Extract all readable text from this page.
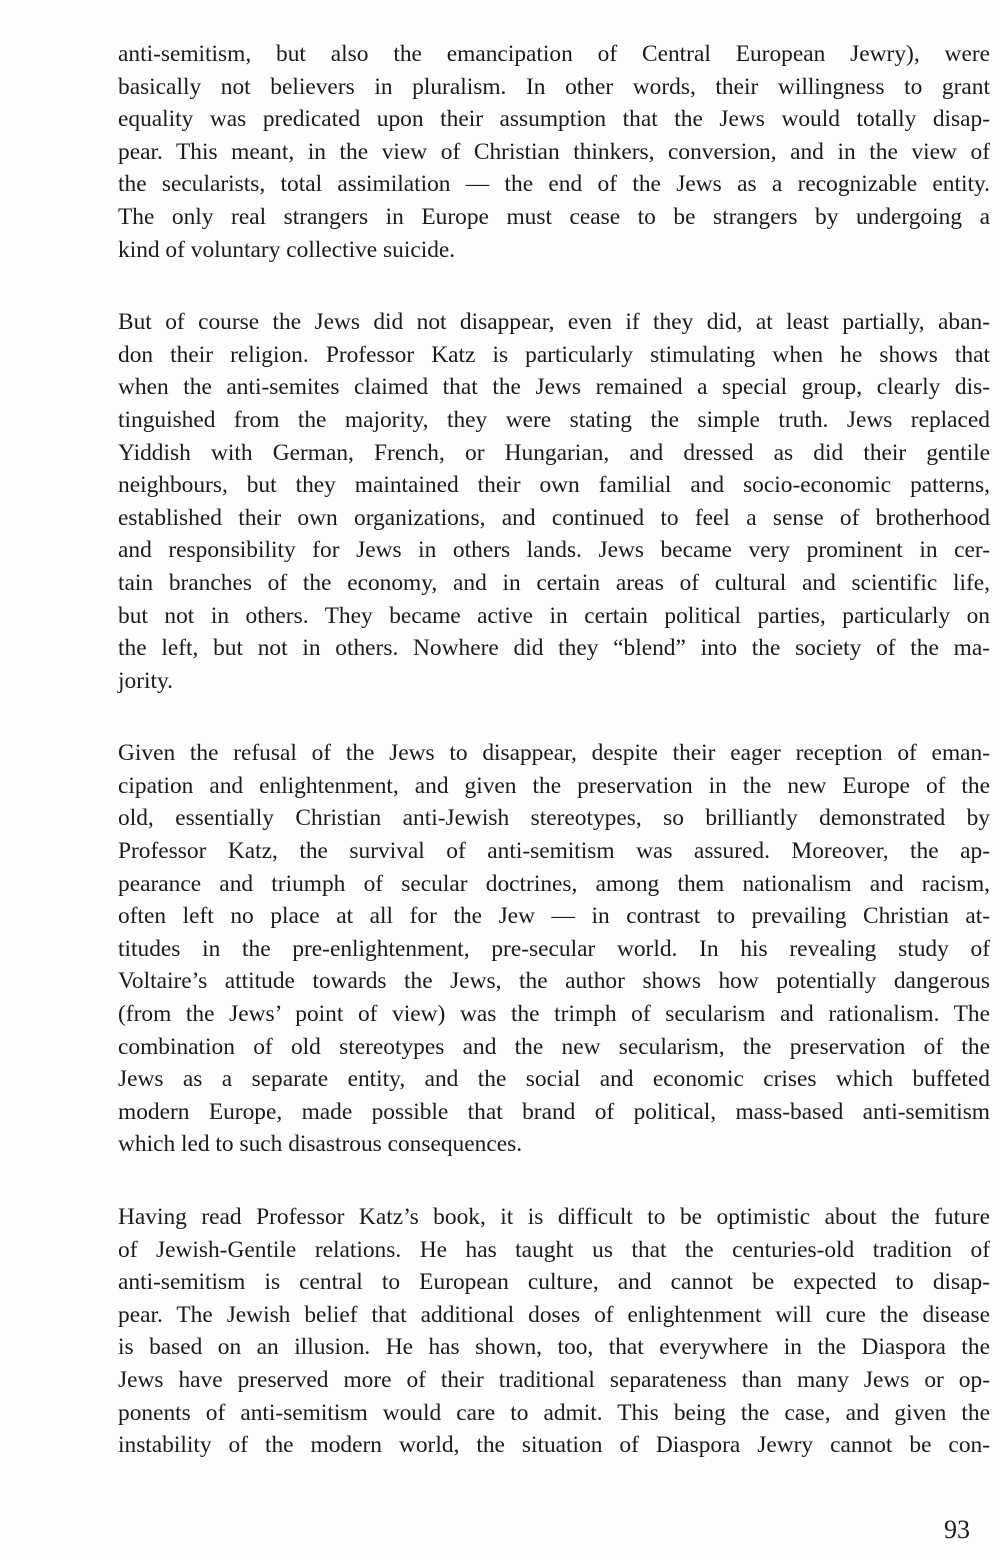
anti-semitism, but also the emancipation of Central European Jewry), were
basically not believers in pluralism. In other words, their willingness to grant
equality was predicated upon their assumption that the Jews would totally disap-
pear. This meant, in the view of Christian thinkers, conversion, and in the view of
the secularists, total assimilation — the end of the Jews as a recognizable entity.
The only real strangers in Europe must cease to be strangers by undergoing a
kind of voluntary collective suicide.
But of course the Jews did not disappear, even if they did, at least partially, aban-
don their religion. Professor Katz is particularly stimulating when he shows that
when the anti-semites claimed that the Jews remained a special group, clearly dis-
tinguished from the majority, they were stating the simple truth. Jews replaced
Yiddish with German, French, or Hungarian, and dressed as did their gentile
neighbours, but they maintained their own familial and socio-economic patterns,
established their own organizations, and continued to feel a sense of brotherhood
and responsibility for Jews in others lands. Jews became very prominent in cer-
tain branches of the economy, and in certain areas of cultural and scientific life,
but not in others. They became active in certain political parties, particularly on
the left, but not in others. Nowhere did they “blend” into the society of the ma-
jority.
Given the refusal of the Jews to disappear, despite their eager reception of eman-
cipation and enlightenment, and given the preservation in the new Europe of the
old, essentially Christian anti-Jewish stereotypes, so brilliantly demonstrated by
Professor Katz, the survival of anti-semitism was assured. Moreover, the ap-
pearance and triumph of secular doctrines, among them nationalism and racism,
often left no place at all for the Jew — in contrast to prevailing Christian at-
titudes in the pre-enlightenment, pre-secular world. In his revealing study of
Voltaire’s attitude towards the Jews, the author shows how potentially dangerous
(from the Jews’ point of view) was the trimph of secularism and rationalism. The
combination of old stereotypes and the new secularism, the preservation of the
Jews as a separate entity, and the social and economic crises which buffeted
modern Europe, made possible that brand of political, mass-based anti-semitism
which led to such disastrous consequences.
Having read Professor Katz’s book, it is difficult to be optimistic about the future
of Jewish-Gentile relations. He has taught us that the centuries-old tradition of
anti-semitism is central to European culture, and cannot be expected to disap-
pear. The Jewish belief that additional doses of enlightenment will cure the disease
is based on an illusion. He has shown, too, that everywhere in the Diaspora the
Jews have preserved more of their traditional separateness than many Jews or op-
ponents of anti-semitism would care to admit. This being the case, and given the
instability of the modern world, the situation of Diaspora Jewry cannot be con-
93
